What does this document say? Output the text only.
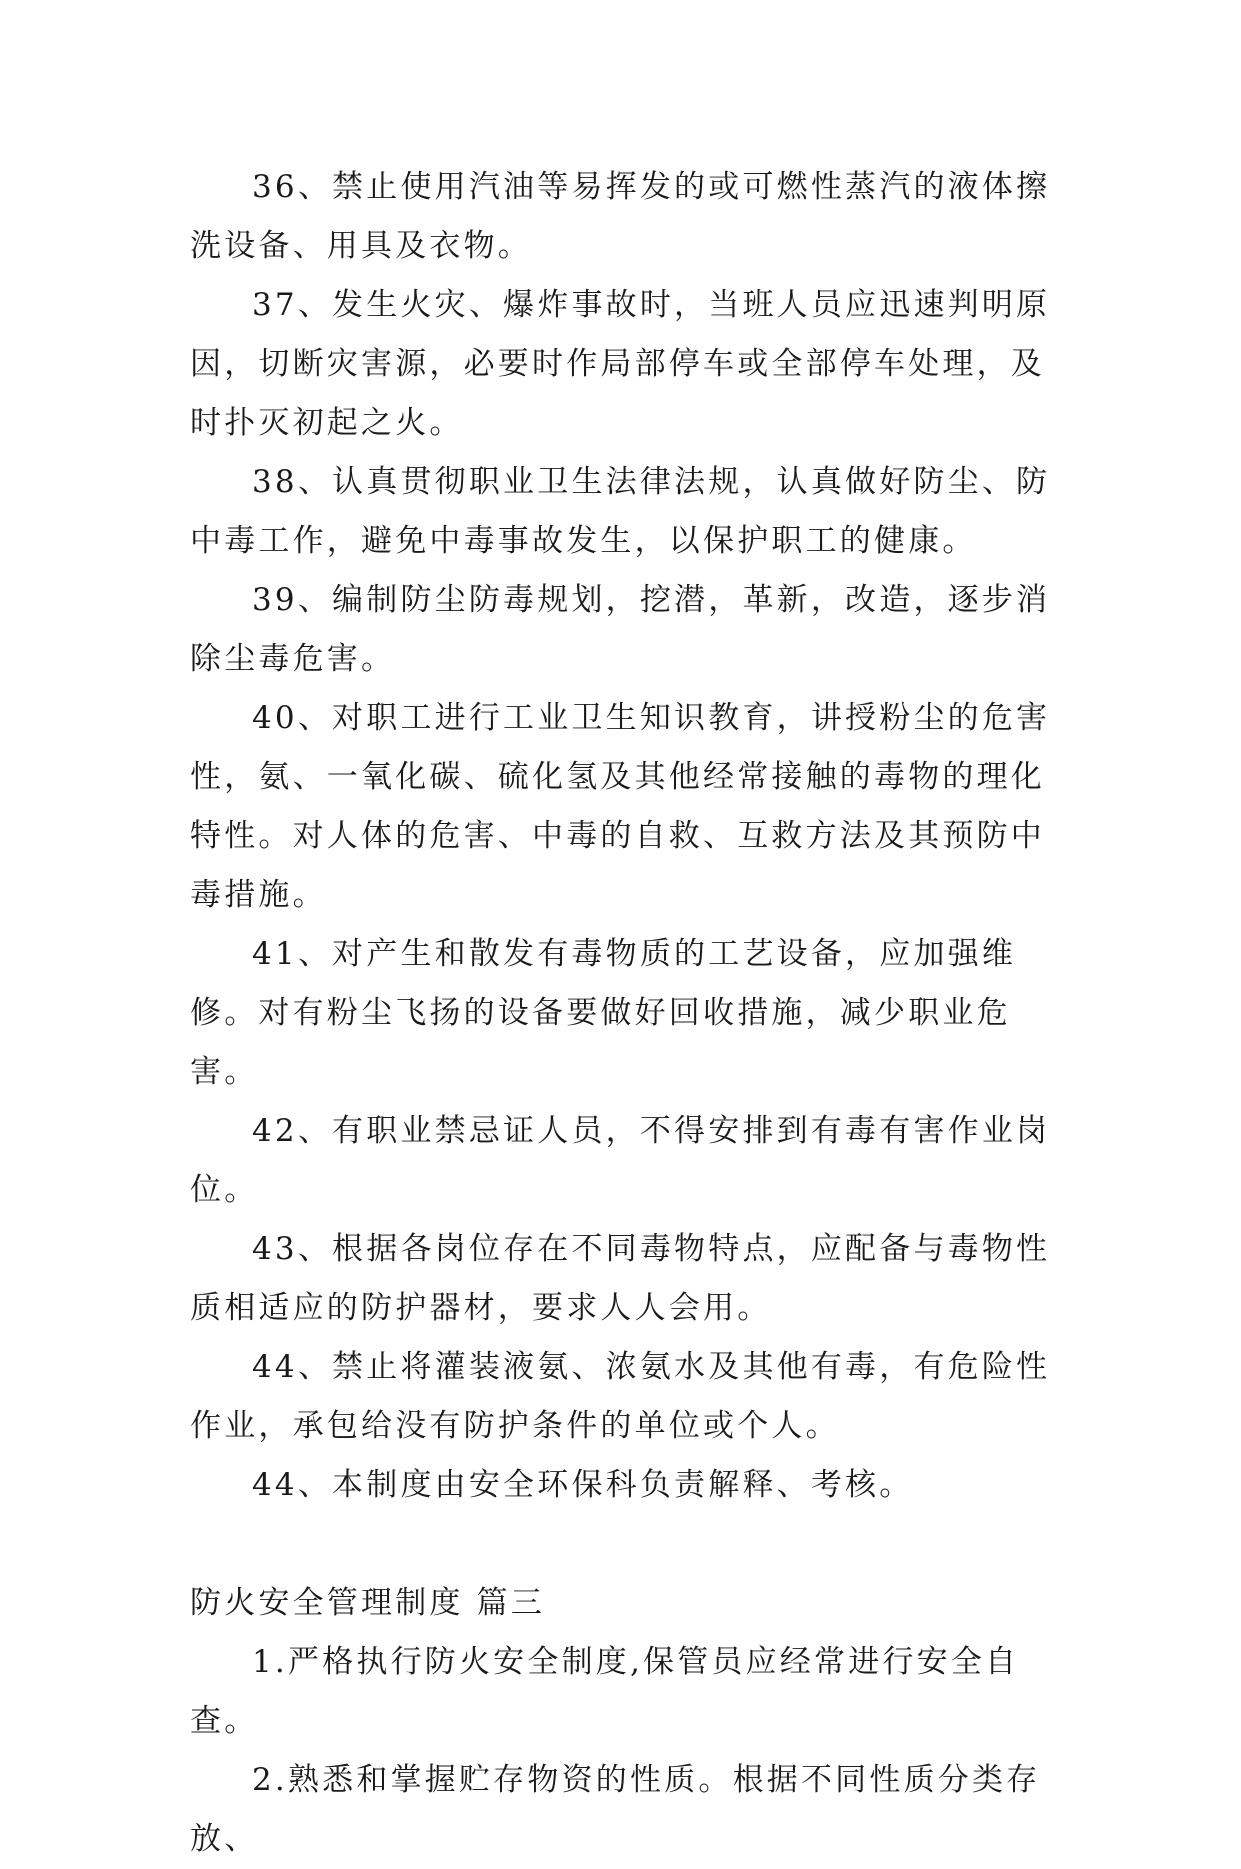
36、禁止使用汽油等易挥发的或可燃性蒸汽的液体擦洗设备、用具及衣物。

37、发生火灾、爆炸事故时，当班人员应迅速判明原因，切断灾害源，必要时作局部停车或全部停车处理，及时扑灭初起之火。

38、认真贯彻职业卫生法律法规，认真做好防尘、防中毒工作，避免中毒事故发生，以保护职工的健康。

39、编制防尘防毒规划，挖潜，革新，改造，逐步消除尘毒危害。

40、对职工进行工业卫生知识教育，讲授粉尘的危害性，氨、一氧化碳、硫化氢及其他经常接触的毒物的理化特性。对人体的危害、中毒的自救、互救方法及其预防中毒措施。

41、对产生和散发有毒物质的工艺设备，应加强维修。对有粉尘飞扬的设备要做好回收措施，减少职业危害。

42、有职业禁忌证人员，不得安排到有毒有害作业岗位。

43、根据各岗位存在不同毒物特点，应配备与毒物性质相适应的防护器材，要求人人会用。

44、禁止将灌装液氨、浓氨水及其他有毒，有危险性作业，承包给没有防护条件的单位或个人。

44、本制度由安全环保科负责解释、考核。

防火安全管理制度 篇三

1.严格执行防火安全制度,保管员应经常进行安全自查。

2.熟悉和掌握贮存物资的性质。根据不同性质分类存放、
